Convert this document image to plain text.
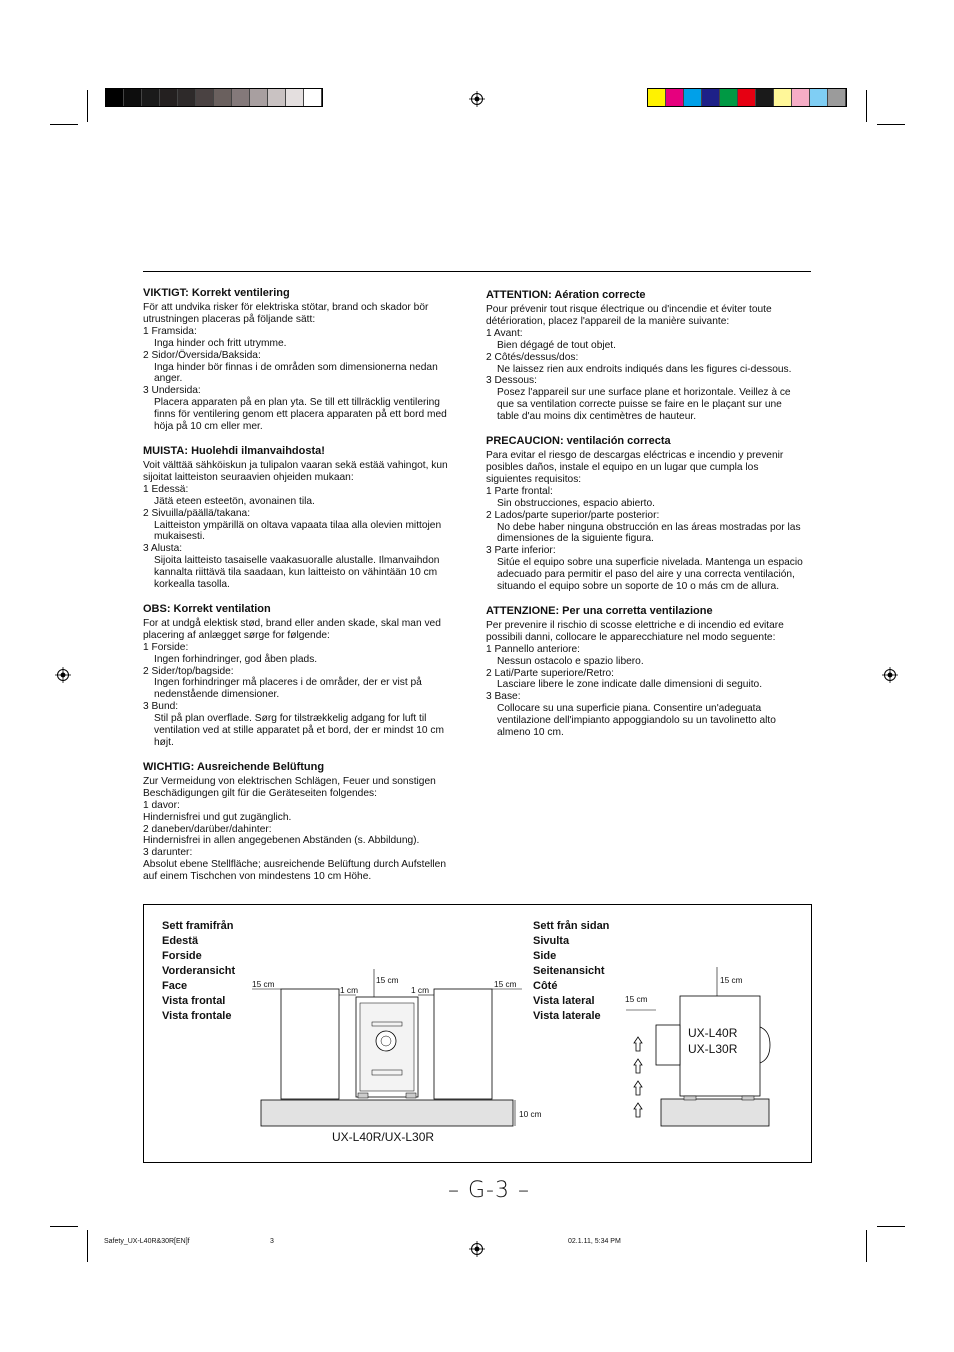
VIKTIGT: Korrekt ventilering

För att undvika risker för elektriska stötar, brand och skador bör

utrustningen placeras på följande sätt:

1 Framsida:

Inga hinder och fritt utrymme.

2 Sidor/Översida/Baksida:

Inga hinder bör finnas i de områden som dimensionerna nedan

anger.

3 Undersida:

Placera apparaten på en plan yta. Se till ett tillräcklig ventilering

finns för ventilering genom ett placera apparaten på ett bord med

höja på 10 cm eller mer.

MUISTA: Huolehdi ilmanvaihdosta!

Voit välttää sähköiskun ja tulipalon vaaran sekä estää vahingot, kun

sijoitat laitteiston seuraavien ohjeiden mukaan:

1 Edessä:

Jätä eteen esteetön, avonainen tila.

2 Sivuilla/päällä/takana:

Laitteiston ympärillä on oltava vapaata tilaa alla olevien mittojen

mukaisesti.

3 Alusta:

Sijoita laitteisto tasaiselle vaakasuoralle alustalle. Ilmanvaihdon

kannalta riittävä tila saadaan, kun laitteisto on vähintään 10 cm

korkealla tasolla.

OBS: Korrekt ventilation

For at undgå elektisk stød, brand eller anden skade, skal man ved

placering af anlægget sørge for følgende:

1 Forside:

Ingen forhindringer, god åben plads.

2 Sider/top/bagside:

Ingen forhindringer må placeres i de områder, der er vist på

nedenstående dimensioner.

3 Bund:

Stil på plan overflade. Sørg for tilstrækkelig adgang for luft til

ventilation ved at stille apparatet på et bord, der er mindst 10 cm

højt.

WICHTIG: Ausreichende Belüftung

Zur Vermeidung von elektrischen Schlägen, Feuer und sonstigen

Beschädigungen gilt für die Geräteseiten folgendes:

1 davor:

Hindernisfrei und gut zugänglich.

2 daneben/darüber/dahinter:

Hindernisfrei in allen angegebenen Abständen (s. Abbildung).

3 darunter:

Absolut ebene Stellfläche; ausreichende Belüftung durch Aufstellen

auf einem Tischchen von mindestens 10 cm Höhe.

ATTENTION: Aération correcte

Pour prévenir tout risque électrique ou d'incendie et éviter toute

détérioration, placez l'appareil de la manière suivante:

1 Avant:

Bien dégagé de tout objet.

2 Côtés/dessus/dos:

Ne laissez rien aux endroits indiqués dans les figures ci-dessous.

3 Dessous:

Posez l'appareil sur une surface plane et horizontale. Veillez à ce

que sa ventilation correcte puisse se faire en le plaçant sur une

table d'au moins dix centimètres de hauteur.

PRECAUCION: ventilación correcta

Para evitar el riesgo de descargas eléctricas e incendio y prevenir

posibles daños, instale el equipo en un lugar que cumpla los

siguientes requisitos:

1 Parte frontal:

Sin obstrucciones, espacio abierto.

2 Lados/parte superior/parte posterior:

No debe haber ninguna obstrucción en las áreas mostradas por las

dimensiones de la siguiente figura.

3 Parte inferior:

Sitúe el equipo sobre una superficie nivelada. Mantenga un espacio

adecuado para permitir el paso del aire y una correcta ventilación,

situando el equipo sobre un soporte de 10 o más cm de allura.

ATTENZIONE: Per una corretta ventilazione

Per prevenire il rischio di scosse elettriche e di incendio ed evitare

possibili danni, collocare le apparecchiature nel modo seguente:

1 Pannello anteriore:

Nessun ostacolo e spazio libero.

2 Lati/Parte superiore/Retro:

Lasciare libere le zone indicate dalle dimensioni di seguito.

3 Base:

Collocare su una superficie piana. Consentire un'adeguata

ventilazione dell'impianto appoggiandolo su un tavolinetto alto

almeno 10 cm.

Sett framifrån
Edestä
Forside
Vorderansicht
Face
Vista frontal
Vista frontale
Sett från sidan
Sivulta
Side
Seitenansicht
Côté
Vista lateral
Vista laterale
15 cm
15 cm	15 cm
1 cm	1 cm
10 cm
UX-L40R/UX-L30R
15 cm
15 cm
UX-L40R
UX-L30R
– G-3 –
Safety_UX-L40R&30R[EN]f	3	02.1.11, 5:34 PM
